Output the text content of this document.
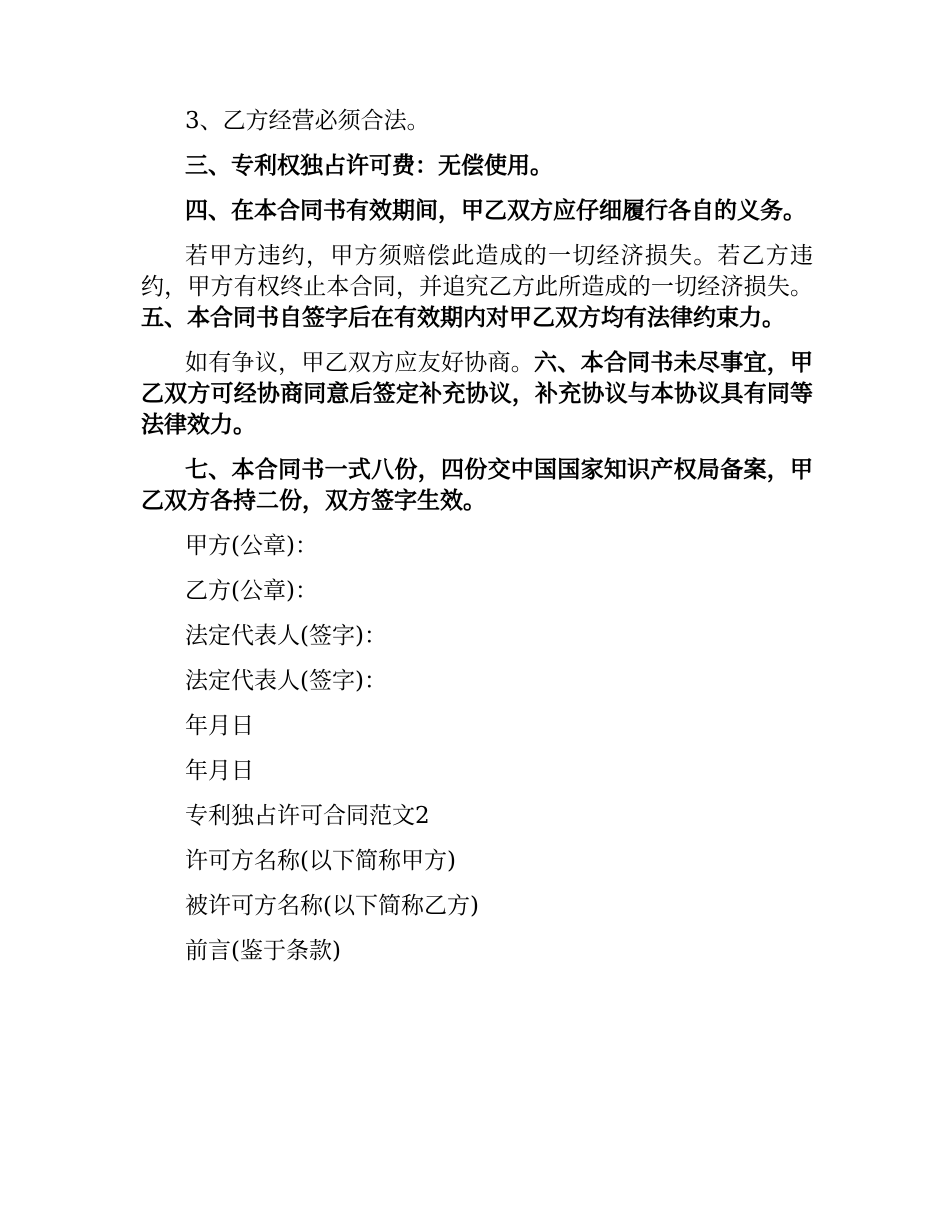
3、乙方经营必须合法。

三、专利权独占许可费：无偿使用。

四、在本合同书有效期间，甲乙双方应仔细履行各自的义务。

若甲方违约，甲方须赔偿此造成的一切经济损失。若乙方违约，甲方有权终止本合同，并追究乙方此所造成的一切经济损失。五、本合同书自签字后在有效期内对甲乙双方均有法律约束力。

如有争议，甲乙双方应友好协商。六、本合同书未尽事宜，甲乙双方可经协商同意后签定补充协议，补充协议与本协议具有同等法律效力。

七、本合同书一式八份，四份交中国国家知识产权局备案，甲乙双方各持二份，双方签字生效。

甲方(公章)：

乙方(公章)：

法定代表人(签字)：

法定代表人(签字)：

年月日

年月日

专利独占许可合同范文2

许可方名称(以下简称甲方)

被许可方名称(以下简称乙方)

前言(鉴于条款)
